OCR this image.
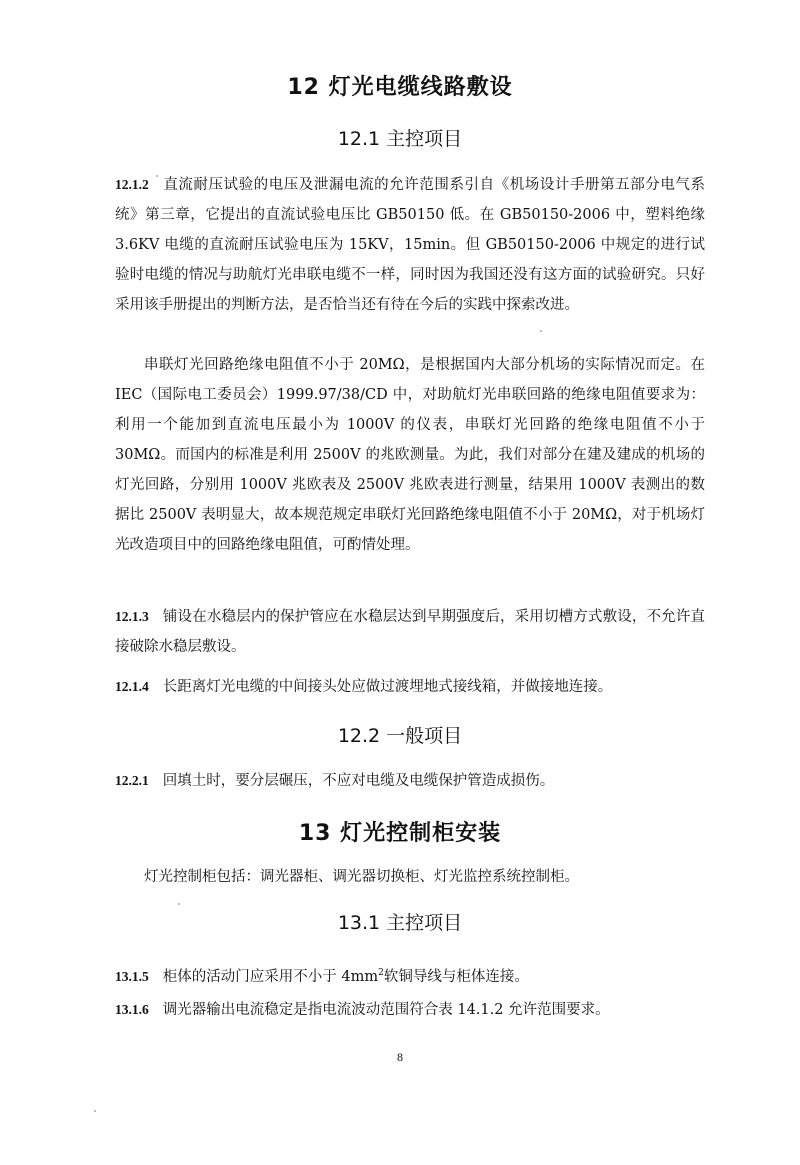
12 灯光电缆线路敷设
12.1 主控项目
12.1.2 直流耐压试验的电压及泄漏电流的允许范围系引自《机场设计手册第五部分电气系统》第三章，它提出的直流试验电压比 GB50150 低。在 GB50150-2006 中，塑料绝缘 3.6KV 电缆的直流耐压试验电压为 15KV，15min。但 GB50150-2006 中规定的进行试验时电缆的情况与助航灯光串联电缆不一样，同时因为我国还没有这方面的试验研究。只好采用该手册提出的判断方法，是否恰当还有待在今后的实践中探索改进。
串联灯光回路绝缘电阻值不小于 20MΩ，是根据国内大部分机场的实际情况而定。在 IEC（国际电工委员会）1999.97/38/CD 中，对助航灯光串联回路的绝缘电阻值要求为：利用一个能加到直流电压最小为 1000V 的仪表，串联灯光回路的绝缘电阻值不小于 30MΩ。而国内的标准是利用 2500V 的兆欧测量。为此，我们对部分在建及建成的机场的灯光回路，分别用 1000V 兆欧表及 2500V 兆欧表进行测量，结果用 1000V 表测出的数据比 2500V 表明显大，故本规范规定串联灯光回路绝缘电阻值不小于 20MΩ，对于机场灯光改造项目中的回路绝缘电阻值，可酌情处理。
12.1.3 铺设在水稳层内的保护管应在水稳层达到早期强度后，采用切槽方式敷设，不允许直接破除水稳层敷设。
12.1.4 长距离灯光电缆的中间接头处应做过渡埋地式接线箱，并做接地连接。
12.2 一般项目
12.2.1 回填土时，要分层碾压，不应对电缆及电缆保护管造成损伤。
13 灯光控制柜安装
灯光控制柜包括：调光器柜、调光器切换柜、灯光监控系统控制柜。
13.1 主控项目
13.1.5 柜体的活动门应采用不小于 $4mm^2$软铜导线与柜体连接。
13.1.6 调光器输出电流稳定是指电流波动范围符合表 14.1.2 允许范围要求。
8
